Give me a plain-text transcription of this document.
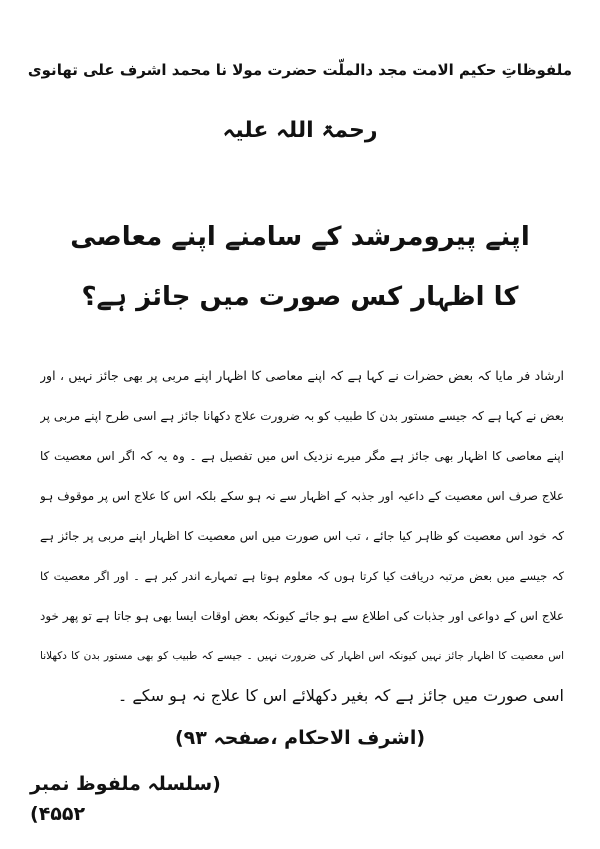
ملفوظاتِ حکیم الامت مجد دالملّت حضرت مولا نا محمد اشرف علی تھانوی
رحمۃ اللہ علیہ
اپنے پیرومرشد کے سامنے اپنے معاصی
کا اظہار کس صورت میں جائز ہے؟
ارشاد فر مایا کہ بعض حضرات نے کہا ہے کہ اپنے معاصی کا اظہار اپنے مربی پر بھی جائز نہیں ، اور
بعض نے کہا ہے کہ جیسے مستور بدن کا طبیب کو بہ ضرورت علاج دکھانا جائز ہے اسی طرح اپنے مربی پر
اپنے معاصی کا اظہار بھی جائز ہے مگر میرے نزدیک اس میں تفصیل ہے ۔ وہ یہ کہ اگر اس معصیت کا
علاج صرف اس معصیت کے داعیہ اور جذبہ کے اظہار سے نہ ہو سکے بلکہ اس کا علاج اس پر موقوف ہو
کہ خود اس معصیت کو ظاہر کیا جائے ، تب اس صورت میں اس معصیت کا اظہار اپنے مربی پر جائز ہے
کہ جیسے میں بعض مرتبہ دریافت کیا کرتا ہوں کہ معلوم ہوتا ہے تمہارے اندر کبر ہے ۔ اور اگر معصیت کا
علاج اس کے دواعی اور جذبات کی اطلاع سے ہو جائے کیونکہ بعض اوقات ایسا بھی ہو جاتا ہے تو پھر خود
اس معصیت کا اظہار جائز نہیں کیونکہ اس اظہار کی ضرورت نہیں ۔ جیسے کہ طبیب کو بھی مستور بدن کا دکھلانا
اسی صورت میں جائز ہے کہ بغیر دکھلائے اس کا علاج نہ ہو سکے ۔
(اشرف الاحکام ،صفحہ ۹۳)
(سلسلہ ملفوظ نمبر ۴۵۵۲)
